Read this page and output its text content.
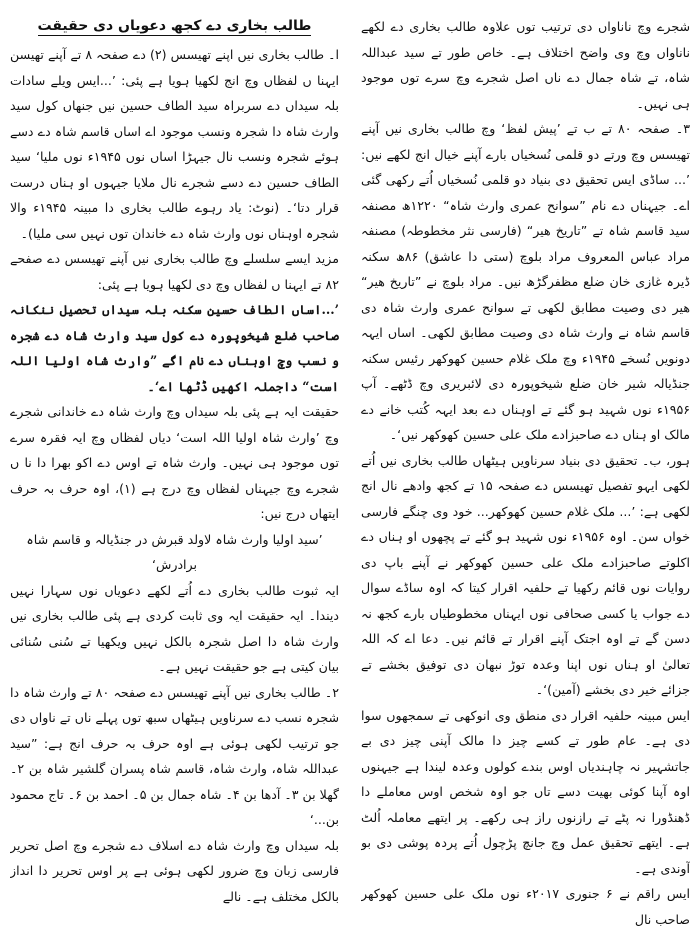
طالب بخاری دے کجھ دعویاں دی حقیقت

ا۔ طالب بخاری نیں اپنے تھیسس (۲) دے صفحہ ۸ تے آپنے تھیسن ایہنا ں لفظاں وچ انج لکھیا ہویا ہے پئی: ’...ایس ویلے سادات بلہ سیداں دے سربراہ سید الطاف حسین نیں جنھاں کول سید وارث شاہ دا شجرہ ونسب موجود اے اساں قاسم شاہ دے دسے ہوئے شجرہ ونسب نال جیہڑا اساں نوں ۱۹۴۵ء نوں ملیا‘ سید الطاف حسین دے دسے شجرے نال ملایا جیہوں او ہناں درست قرار دتا‘۔ (نوٹ: یاد رہوے طالب بخاری دا مبینہ ۱۹۴۵ء والا شجرہ اوہناں نوں وارث شاہ دے خاندان توں نہیں سی ملیا)۔

مزید ایسے سلسلے وچ طالب بخاری نیں آپنے تھیسس دے صفحے ۸۲ تے ایہنا ں لفظاں وچ دی لکھیا ہویا ہے پئی:

’...اساں الطاف حسین سکنہ بلہ سیداں تحصیل ننکانہ صاحب ضلع شیخوپورہ دے کول سید وارث شاہ دے شجرہ و نسب وچ اوہناں دے نام اگے ”وارث شاہ اولیا اللہ است“ داجملہ اکھیں ڈٹھا اے‘۔

حقیقت ایہ ہے پئی بلہ سیداں وچ وارث شاہ دے خاندانی شجرے وچ ’وارث شاہ اولیا اللہ است‘ دیاں لفظاں وچ ایہ فقرہ سرے توں موجود ہی نہیں۔ وارث شاہ تے اوس دے اکو بھرا دا نا ں شجرے وچ جیہناں لفظاں وچ درج ہے (۱)، اوہ حرف بہ حرف ایتھاں درج نیں:

’سید اولیا وارث شاہ لاولد قبرش در جنڈیالہ و قاسم شاہ برادرش‘

ایہ ثبوت طالب بخاری دے اُتے لکھے دعویاں نوں سہارا نہیں دیندا۔ ایہ حقیقت ایہ وی ثابت کردی ہے پئی طالب بخاری نیں وارث شاہ دا اصل شجرہ بالکل نہیں ویکھیا تے سُنی سُنائی بیان کیتی ہے جو حقیقت نہیں ہے۔

۲۔ طالب بخاری نیں آپنے تھیسس دے صفحہ ۸۰ تے وارث شاہ دا شجرہ نسب دے سرناویں ہیٹھاں سبھ توں پہلے ناں تے ناواں دی جو ترتیب لکھی ہوئی ہے اوہ حرف بہ حرف انج ہے: ”سید عبداللہ شاہ، وارث شاہ، قاسم شاہ پسران گلشیر شاہ بن ۲۔ گھلا بن ۳۔ آدھا بن ۴۔ شاہ جمال بن ۵۔ احمد بن ۶۔ تاج محمود بن...‘

بلہ سیداں وچ وارث شاہ دے اسلاف دے شجرے وچ اصل تحریر فارسی زبان وچ ضرور لکھی ہوئی ہے پر اوس تحریر دا انداز بالکل مختلف ہے۔ نالے

شجرے وچ ناناواں دی ترتیب توں علاوہ طالب بخاری دے لکھے ناناواں وچ وی واضح اختلاف ہے۔ خاص طور تے سید عبداللہ شاہ، تے شاہ جمال دے ناں اصل شجرے وچ سرے توں موجود ہی نہیں۔

۳۔ صفحہ ۸۰ تے ب تے ’پیش لفظ‘ وچ طالب بخاری نیں آپنے تھیسس وچ ورتے دو قلمی نُسخیاں بارے آپنے خیال انج لکھے نیں: ’... ساڈی ایس تحقیق دی بنیاد دو قلمی نُسخیاں اُتے رکھی گئی اے۔ جیہناں دے نام ”سوانح عمری وارث شاہ“ ۱۲۲۰ھ مصنفہ سید قاسم شاہ تے ”تاریخ ھیر“ (فارسی نثر مخطوطہ) مصنفہ مراد عباس المعروف مراد بلوچ (ستی دا عاشق) ۸۶ھ سکنہ ڈیرہ غازی خان ضلع مظفرگڑھ نیں۔ مراد بلوچ نے ”تاریخ ھیر“ ھیر دی وصیت مطابق لکھی تے سوانح عمری وارث شاہ دی قاسم شاہ نے وارث شاہ دی وصیت مطابق لکھی۔ اساں ایہہ دونویں نُسخے ۱۹۴۵ء وچ ملک غلام حسین کھوکھر رئیس سکنہ جنڈیالہ شیر خان ضلع شیخوپورہ دی لائبریری وچ ڈٹھے۔ آپ ۱۹۵۶ء نوں شہید ہو گئے تے اوہناں دے بعد ایہہ کُتب خانے دے مالک او ہناں دے صاحبزادے ملک علی حسین کھوکھر نیں‘۔

ہور، ب۔ تحقیق دی بنیاد سرناویں ہیٹھاں طالب بخاری نیں اُتے لکھی ایہو تفصیل تھیسس دے صفحہ ۱۵ تے کجھ وادھے نال انج لکھی ہے: ’... ملک غلام حسین کھوکھر... خود وی چنگے فارسی خواں سن۔ اوہ ۱۹۵۶ء نوں شہید ہو گئے تے پچھوں او ہناں دے اکلوتے صاحبزادے ملک علی حسین کھوکھر نے آپنے باپ دی روایات نوں قائم رکھیا تے حلفیہ اقرار کیتا کہ اوہ ساڈے سوال دے جواب یا کسی صحافی نوں ایہناں مخطوطیاں بارے کجھ نہ دسن گے تے اوہ اجتک آپنے اقرار تے قائم نیں۔ دعا اے کہ اللہ تعالیٰ او ہناں نوں اپنا وعدہ توڑ نبھان دی توفیق بخشے تے جزائے خیر دی بخشے (آمین)‘۔

ایس مبینہ حلفیہ اقرار دی منطق وی انوکھی تے سمجھوں سوا دی ہے۔ عام طور تے کسے چیز دا مالک آپنی چیز دی بے جاتشہیر نہ چاہندیاں اوس بندے کولوں وعدہ لیندا ہے جیہنوں اوہ آپنا کوئی بھیت دسے تاں جو اوہ شخص اوس معاملے دا ڈھنڈورا نہ پٹے تے رازنوں راز ہی رکھے۔ پر ایتھے معاملہ اُلٹ ہے۔ ایتھے تحقیق عمل وچ جانچ پڑچول اُتے پردہ پوشی دی بو آوندی ہے۔

ایس راقم نے ۶ جنوری ۲۰۱۷ء نوں ملک علی حسین کھوکھر صاحب نال
